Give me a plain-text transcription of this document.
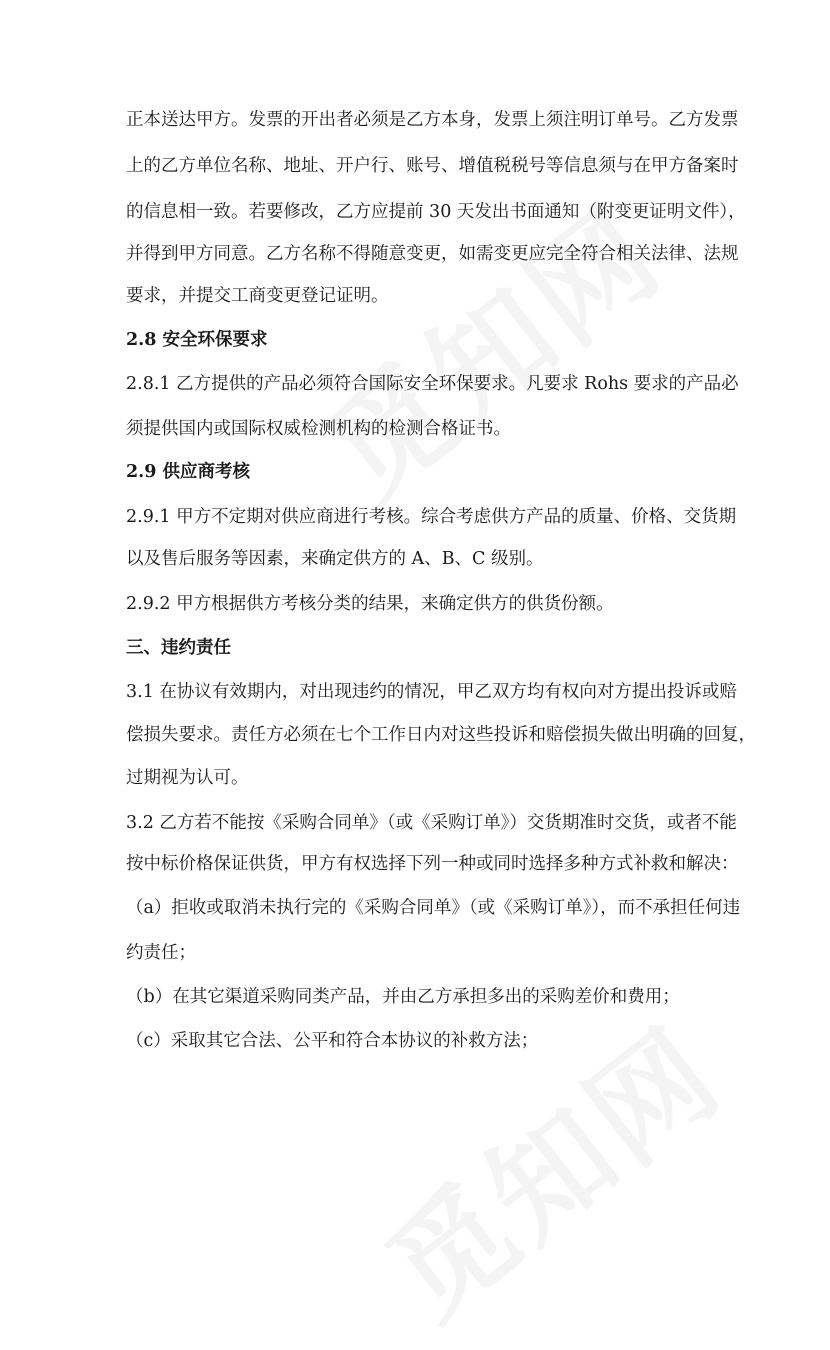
正本送达甲方。发票的开出者必须是乙方本身，发票上须注明订单号。乙方发票
上的乙方单位名称、地址、开户行、账号、增值税税号等信息须与在甲方备案时
的信息相一致。若要修改，乙方应提前 30 天发出书面通知（附变更证明文件），
并得到甲方同意。乙方名称不得随意变更，如需变更应完全符合相关法律、法规
要求，并提交工商变更登记证明。
2.8 安全环保要求
2.8.1 乙方提供的产品必须符合国际安全环保要求。凡要求 Rohs 要求的产品必
须提供国内或国际权威检测机构的检测合格证书。
2.9 供应商考核
2.9.1 甲方不定期对供应商进行考核。综合考虑供方产品的质量、价格、交货期
以及售后服务等因素，来确定供方的 A、B、C 级别。
2.9.2 甲方根据供方考核分类的结果，来确定供方的供货份额。
三、违约责任
3.1 在协议有效期内，对出现违约的情况，甲乙双方均有权向对方提出投诉或赔
偿损失要求。责任方必须在七个工作日内对这些投诉和赔偿损失做出明确的回复，
过期视为认可。
3.2 乙方若不能按《采购合同单》（或《采购订单》）交货期准时交货，或者不能
按中标价格保证供货，甲方有权选择下列一种或同时选择多种方式补救和解决：
（a）拒收或取消未执行完的《采购合同单》（或《采购订单》），而不承担任何违
约责任；
（b）在其它渠道采购同类产品，并由乙方承担多出的采购差价和费用；
（c）采取其它合法、公平和符合本协议的补救方法；
